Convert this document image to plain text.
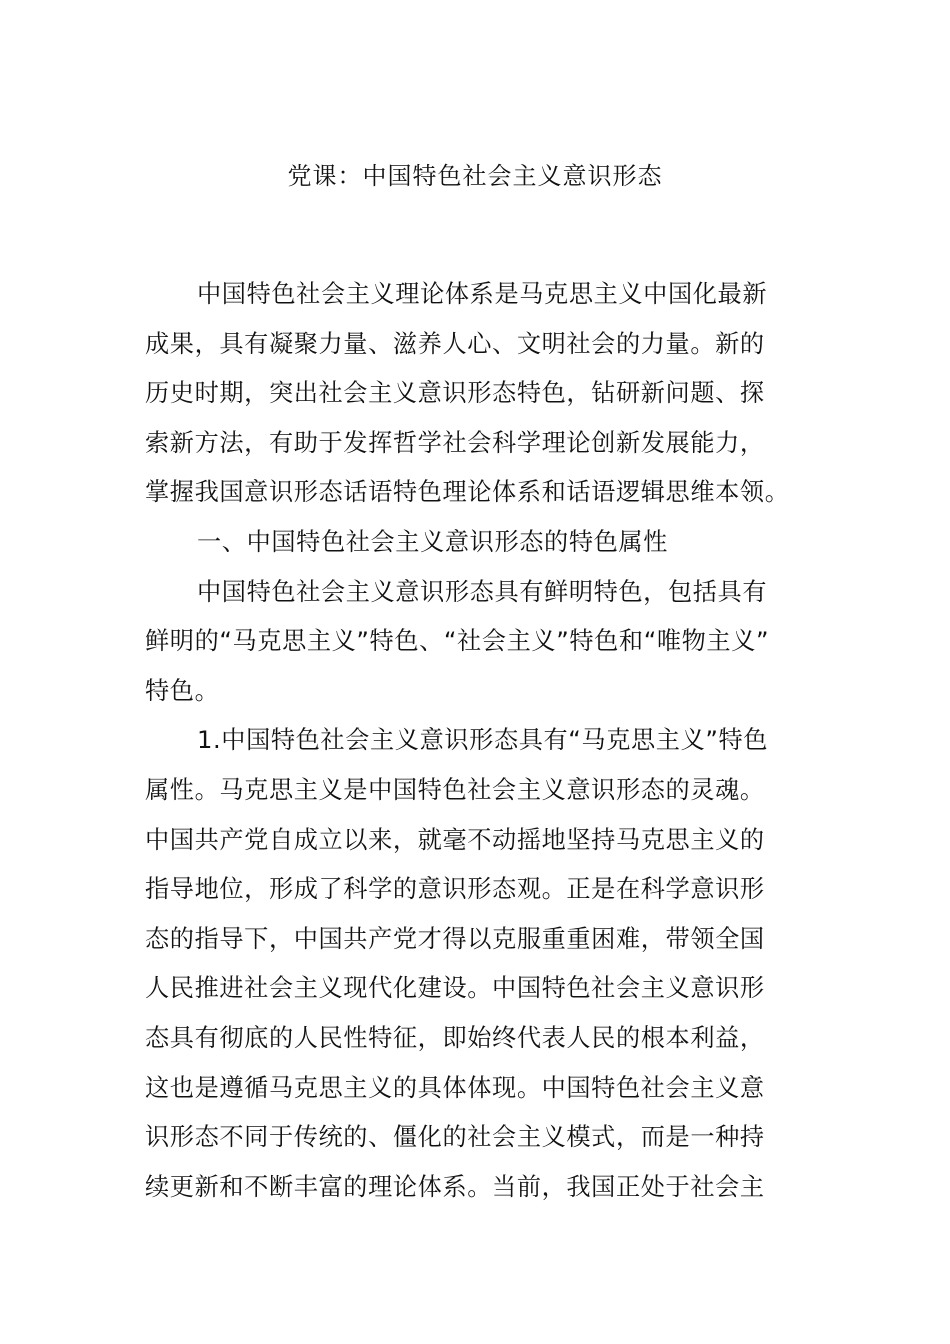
党课：中国特色社会主义意识形态
中国特色社会主义理论体系是马克思主义中国化最新
成果，具有凝聚力量、滋养人心、文明社会的力量。新的
历史时期，突出社会主义意识形态特色，钻研新问题、探
索新方法，有助于发挥哲学社会科学理论创新发展能力，
掌握我国意识形态话语特色理论体系和话语逻辑思维本领。
一、中国特色社会主义意识形态的特色属性
中国特色社会主义意识形态具有鲜明特色，包括具有
鲜明的“马克思主义”特色、“社会主义”特色和“唯物主义”
特色。
1.中国特色社会主义意识形态具有“马克思主义”特色
属性。马克思主义是中国特色社会主义意识形态的灵魂。
中国共产党自成立以来，就毫不动摇地坚持马克思主义的
指导地位，形成了科学的意识形态观。正是在科学意识形
态的指导下，中国共产党才得以克服重重困难，带领全国
人民推进社会主义现代化建设。中国特色社会主义意识形
态具有彻底的人民性特征，即始终代表人民的根本利益，
这也是遵循马克思主义的具体体现。中国特色社会主义意
识形态不同于传统的、僵化的社会主义模式，而是一种持
续更新和不断丰富的理论体系。当前，我国正处于社会主
